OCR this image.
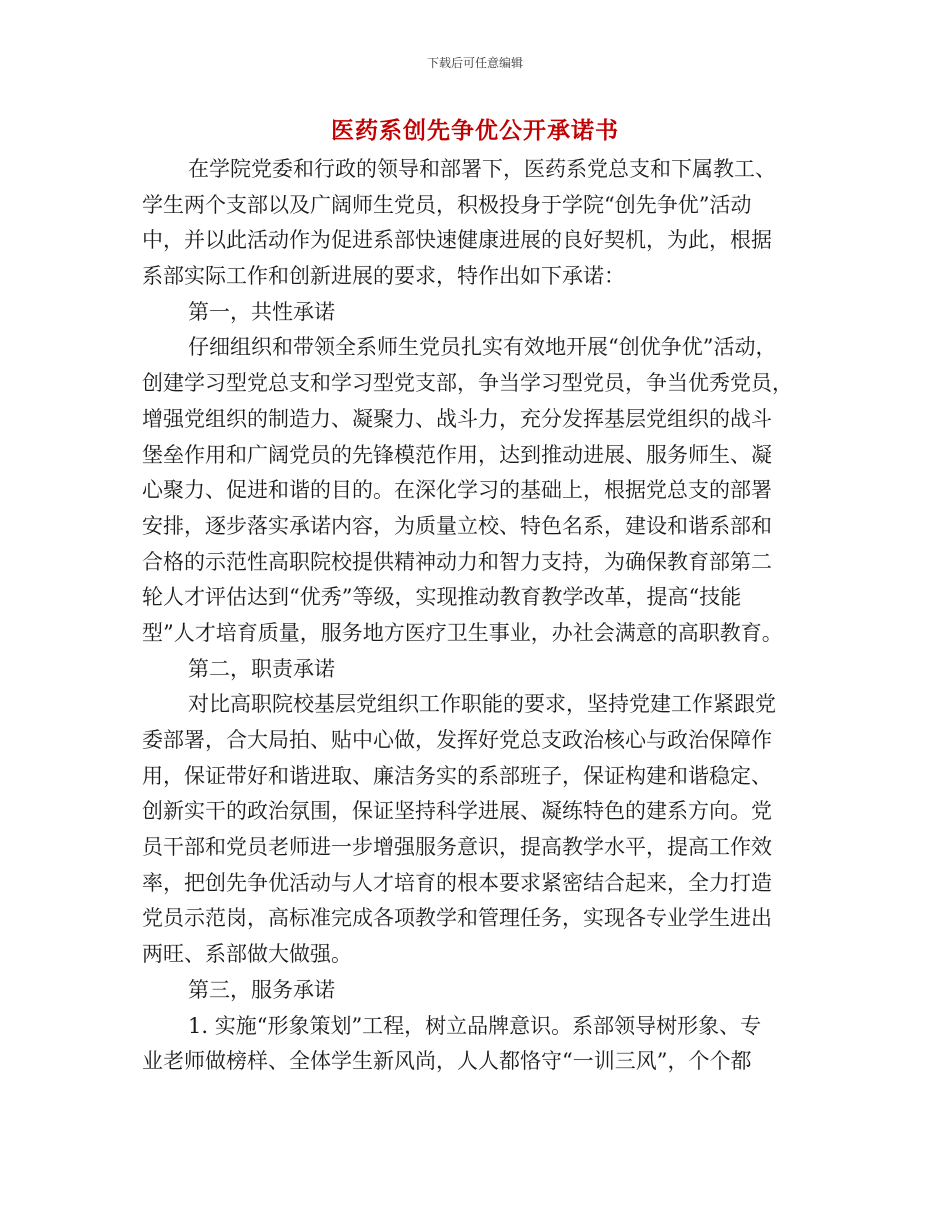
下载后可任意编辑
医药系创先争优公开承诺书
在学院党委和行政的领导和部署下，医药系党总支和下属教工、
学生两个支部以及广阔师生党员，积极投身于学院“创先争优”活动
中，并以此活动作为促进系部快速健康进展的良好契机，为此，根据
系部实际工作和创新进展的要求，特作出如下承诺：
第一，共性承诺
仔细组织和带领全系师生党员扎实有效地开展“创优争优”活动，
创建学习型党总支和学习型党支部，争当学习型党员，争当优秀党员，
增强党组织的制造力、凝聚力、战斗力，充分发挥基层党组织的战斗
堡垒作用和广阔党员的先锋模范作用，达到推动进展、服务师生、凝
心聚力、促进和谐的目的。在深化学习的基础上，根据党总支的部署
安排，逐步落实承诺内容，为质量立校、特色名系，建设和谐系部和
合格的示范性高职院校提供精神动力和智力支持，为确保教育部第二
轮人才评估达到“优秀”等级，实现推动教育教学改革，提高“技能
型”人才培育质量，服务地方医疗卫生事业，办社会满意的高职教育。
第二，职责承诺
对比高职院校基层党组织工作职能的要求，坚持党建工作紧跟党
委部署，合大局拍、贴中心做，发挥好党总支政治核心与政治保障作
用，保证带好和谐进取、廉洁务实的系部班子，保证构建和谐稳定、
创新实干的政治氛围，保证坚持科学进展、凝练特色的建系方向。党
员干部和党员老师进一步增强服务意识，提高教学水平，提高工作效
率，把创先争优活动与人才培育的根本要求紧密结合起来，全力打造
党员示范岗，高标准完成各项教学和管理任务，实现各专业学生进出
两旺、系部做大做强。
第三，服务承诺
1. 实施“形象策划”工程，树立品牌意识。系部领导树形象、专
业老师做榜样、全体学生新风尚，人人都恪守“一训三风”，个个都
